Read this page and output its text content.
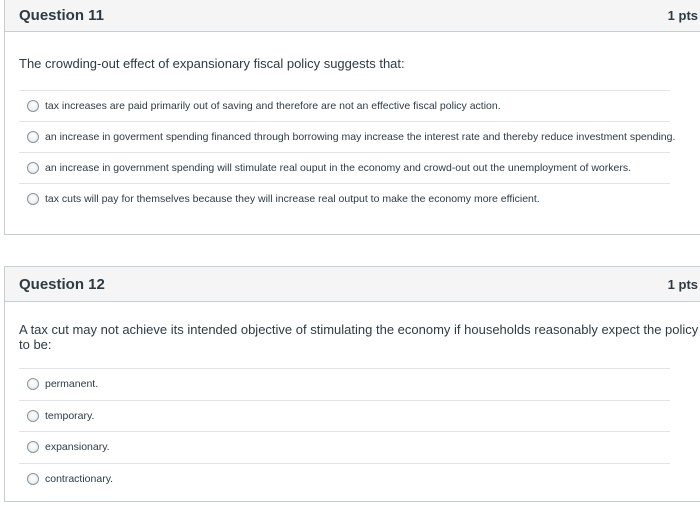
Question 11	1 pts
The crowding-out effect of expansionary fiscal policy suggests that:
tax increases are paid primarily out of saving and therefore are not an effective fiscal policy action.
an increase in goverment spending financed through borrowing may increase the interest rate and thereby reduce investment spending.
an increase in government spending will stimulate real ouput in the economy and crowd-out out the unemployment of workers.
tax cuts will pay for themselves because they will increase real output to make the economy more efficient.
Question 12	1 pts
A tax cut may not achieve its intended objective of stimulating the economy if households reasonably expect the policy to be:
permanent.
temporary.
expansionary.
contractionary.
